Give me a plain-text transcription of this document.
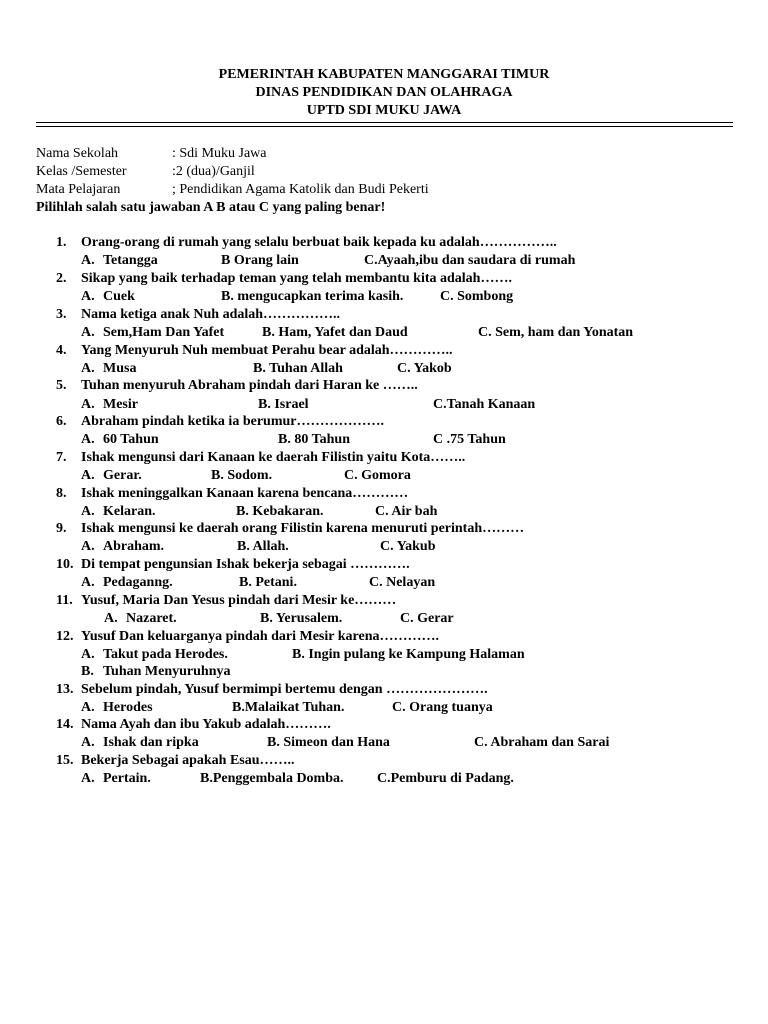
PEMERINTAH KABUPATEN MANGGARAI TIMUR
DINAS PENDIDIKAN DAN OLAHRAGA
UPTD SDI MUKU JAWA
Nama Sekolah	: Sdi Muku Jawa
Kelas /Semester	:2 (dua)/Ganjil
Mata Pelajaran	; Pendidikan Agama Katolik dan Budi Pekerti
Pilihlah salah satu jawaban A B atau C yang paling benar!
1. Orang-orang di rumah yang selalu berbuat baik kepada ku adalah……………..
A. Tetangga	B Orang lain	C.Ayaah,ibu dan saudara di rumah
2. Sikap yang baik terhadap teman yang telah membantu kita adalah…….
A. Cuek	B. mengucapkan terima kasih.	C. Sombong
3. Nama ketiga anak Nuh adalah……………..
A. Sem,Ham Dan Yafet	B. Ham, Yafet dan Daud	C. Sem, ham dan Yonatan
4. Yang Menyuruh Nuh membuat Perahu bear adalah…………..
A. Musa	B. Tuhan Allah	C. Yakob
5. Tuhan menyuruh Abraham pindah dari Haran ke ……..
A. Mesir	B. Israel	C.Tanah Kanaan
6. Abraham pindah ketika ia berumur……………….
A. 60 Tahun	B. 80 Tahun	C .75 Tahun
7. Ishak mengunsi dari Kanaan ke daerah Filistin yaitu Kota……..
A. Gerar.	B. Sodom.	C. Gomora
8. Ishak meninggalkan Kanaan karena bencana…………
A. Kelaran.	B. Kebakaran.	C. Air bah
9. Ishak mengunsi ke daerah orang Filistin karena menuruti perintah………
A. Abraham.	B. Allah.	C. Yakub
10. Di tempat pengunsian Ishak bekerja sebagai ………….
A. Pedaganng.	B. Petani.	C. Nelayan
11. Yusuf, Maria Dan Yesus pindah dari Mesir ke………
A. Nazaret.	B. Yerusalem.	C. Gerar
12. Yusuf Dan keluarganya pindah dari Mesir karena………….
A. Takut pada Herodes.	B. Ingin pulang ke Kampung Halaman
B. Tuhan Menyuruhnya
13. Sebelum pindah, Yusuf bermimpi bertemu dengan ………………….
A. Herodes	B.Malaikat Tuhan.	C. Orang tuanya
14. Nama Ayah dan ibu Yakub adalah……….
A. Ishak dan ripka	B. Simeon dan Hana	C. Abraham dan Sarai
15. Bekerja Sebagai apakah Esau……..
A. Pertain.	B.Penggembala Domba. C.Pemburu di Padang.
